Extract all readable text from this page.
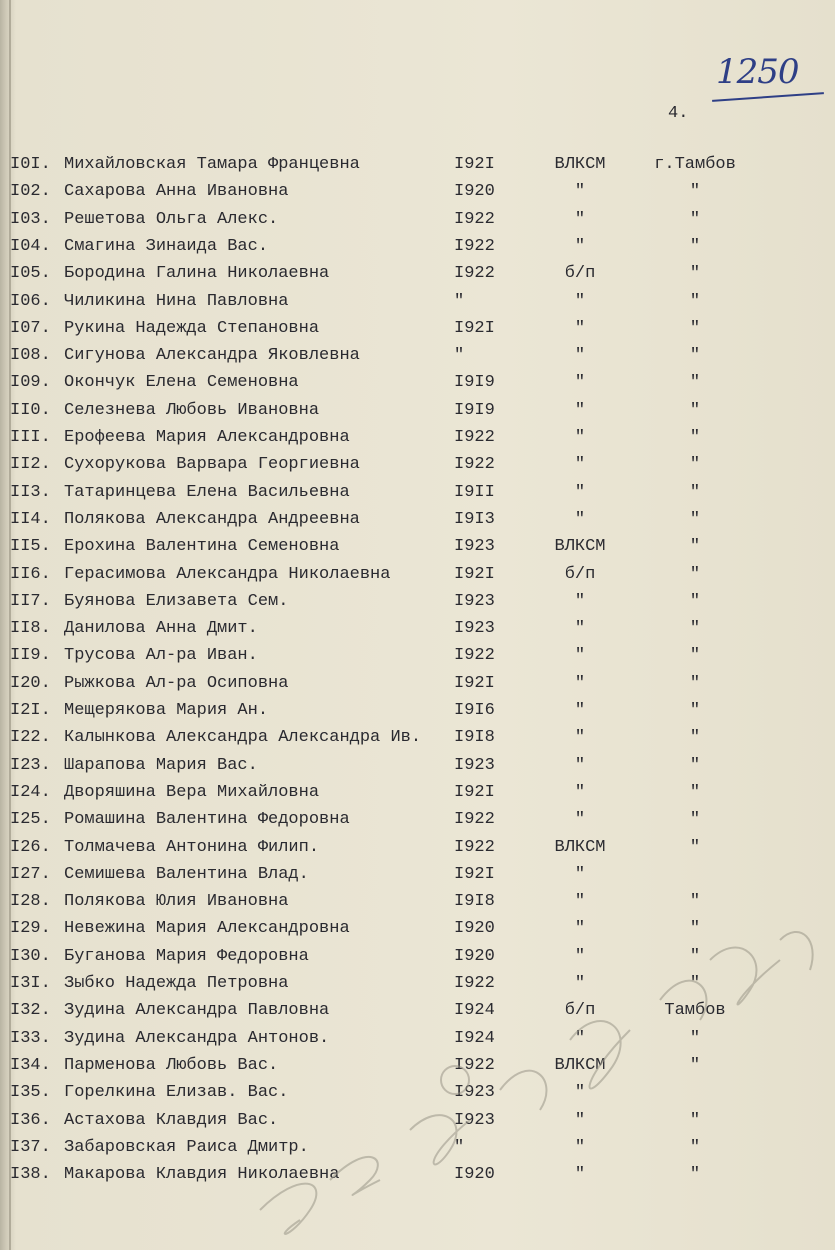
1250
4.
I0I. Михайловская Тамара Францевна	I92I	ВЛКСМ	г.Тамбов
I02. Сахарова Анна Ивановна	I920	"	"
I03. Решетова Ольга Алекс.	I922	"	"
I04. Смагина Зинаида Вас.	I922	"	"
I05. Бородина Галина Николаевна	I922	б/п	"
I06. Чиликина Нина Павловна	"	"	"
I07. Рукина Надежда Степановна	I92I	"	"
I08. Сигунова Александра Яковлевна	"	"	"
I09. Окончук Елена Семеновна	I9I9	"	"
II0. Селезнева Любовь Ивановна	I9I9	"	"
III. Ерофеева Мария Александровна	I922	"	"
II2. Сухорукова Варвара Георгиевна	I922	"	"
II3. Татаринцева Елена Васильевна	I9II	"	"
II4. Полякова Александра Андреевна	I9I3	"	"
II5. Ерохина Валентина Семеновна	I923	ВЛКСМ	"
II6. Герасимова Александра Николаевна	I92I	б/п	"
II7. Буянова Елизавета Сем.	I923	"	"
II8. Данилова Анна Дмит.	I923	"	"
II9. Трусова Ал-ра Иван.	I922	"	"
I20. Рыжкова Ал-ра Осиповна	I92I	"	"
I2I. Мещерякова Мария Ан.	I9I6	"	"
I22. Калынкова Александра Александра Ив. I9I8	"	"
I23. Шарапова Мария Вас.	I923	"	"
I24. Дворяшина Вера Михайловна	I92I	"	"
I25. Ромашина Валентина Федоровна	I922	"	"
I26. Толмачева Антонина Филип.	I922	ВЛКСМ	"
I27. Семишева Валентина Влад.	I92I	"
I28. Полякова Юлия Ивановна	I9I8	"	"
I29. Невежина Мария Александровна	I920	"	"
I30. Буганова Мария Федоровна	I920	"	"
I3I. Зыбко Надежда Петровна	I922	"	"
I32. Зудина Александра Павловна	I924	б/п	Тамбов
I33. Зудина Александра Антонов.	I924	"	"
I34. Парменова Любовь Вас.	I922	ВЛКСМ	"
I35. Горелкина Елизав. Вас.	I923	"
I36. Астахова Клавдия Вас.	I923	"	"
I37. Забаровская Раиса Дмитр.	"	"	"
I38. Макарова Клавдия Николаевна	I920	"	"
